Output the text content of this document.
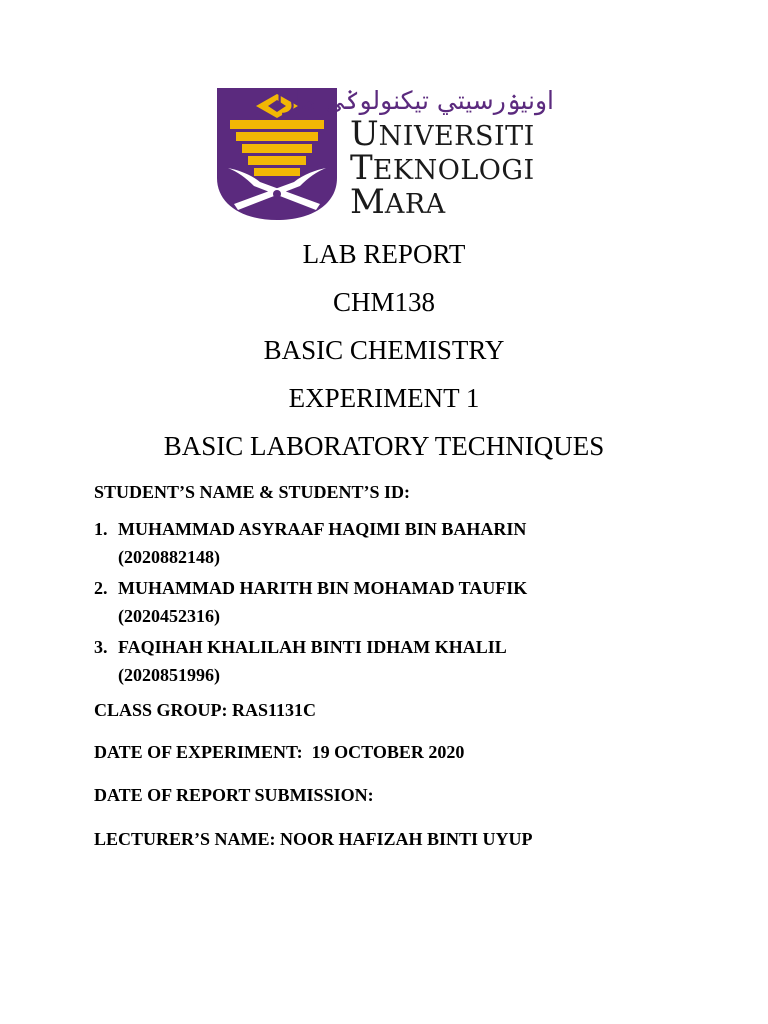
اونيۏرسيتي تيكنولوݢي مارا
UNIVERSITI
TEKNOLOGI
MARA
LAB REPORT
CHM138
BASIC CHEMISTRY
EXPERIMENT 1
BASIC LABORATORY TECHNIQUES
STUDENT’S NAME & STUDENT’S ID:
1. MUHAMMAD ASYRAAF HAQIMI BIN BAHARIN
(2020882148)
2. MUHAMMAD HARITH BIN MOHAMAD TAUFIK
(2020452316)
3. FAQIHAH KHALILAH BINTI IDHAM KHALIL
(2020851996)
CLASS GROUP: RAS1131C
DATE OF EXPERIMENT:  19 OCTOBER 2020
DATE OF REPORT SUBMISSION:
LECTURER’S NAME: NOOR HAFIZAH BINTI UYUP
